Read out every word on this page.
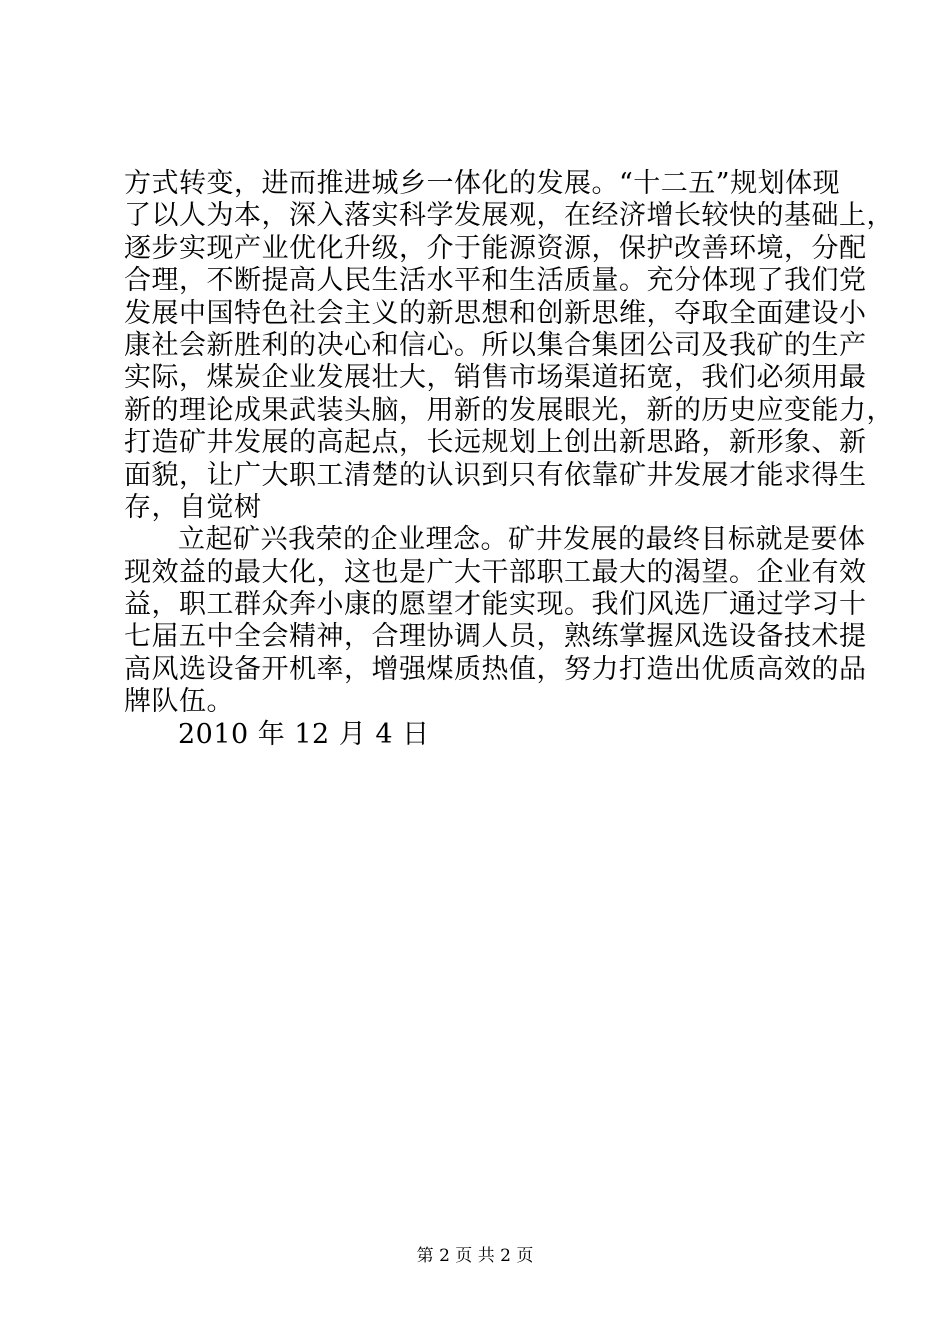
方式转变，进而推进城乡一体化的发展。“十二五”规划体现
了以人为本，深入落实科学发展观，在经济增长较快的基础上，
逐步实现产业优化升级，介于能源资源，保护改善环境，分配
合理，不断提高人民生活水平和生活质量。充分体现了我们党
发展中国特色社会主义的新思想和创新思维，夺取全面建设小
康社会新胜利的决心和信心。所以集合集团公司及我矿的生产
实际，煤炭企业发展壮大，销售市场渠道拓宽，我们必须用最
新的理论成果武装头脑，用新的发展眼光，新的历史应变能力，
打造矿井发展的高起点，长远规划上创出新思路，新形象、新
面貌，让广大职工清楚的认识到只有依靠矿井发展才能求得生
存，自觉树
立起矿兴我荣的企业理念。矿井发展的最终目标就是要体
现效益的最大化，这也是广大干部职工最大的渴望。企业有效
益，职工群众奔小康的愿望才能实现。我们风选厂通过学习十
七届五中全会精神，合理协调人员，熟练掌握风选设备技术提
高风选设备开机率，增强煤质热值，努力打造出优质高效的品
牌队伍。
2010 年 12 月 4 日
第 2 页 共 2 页
